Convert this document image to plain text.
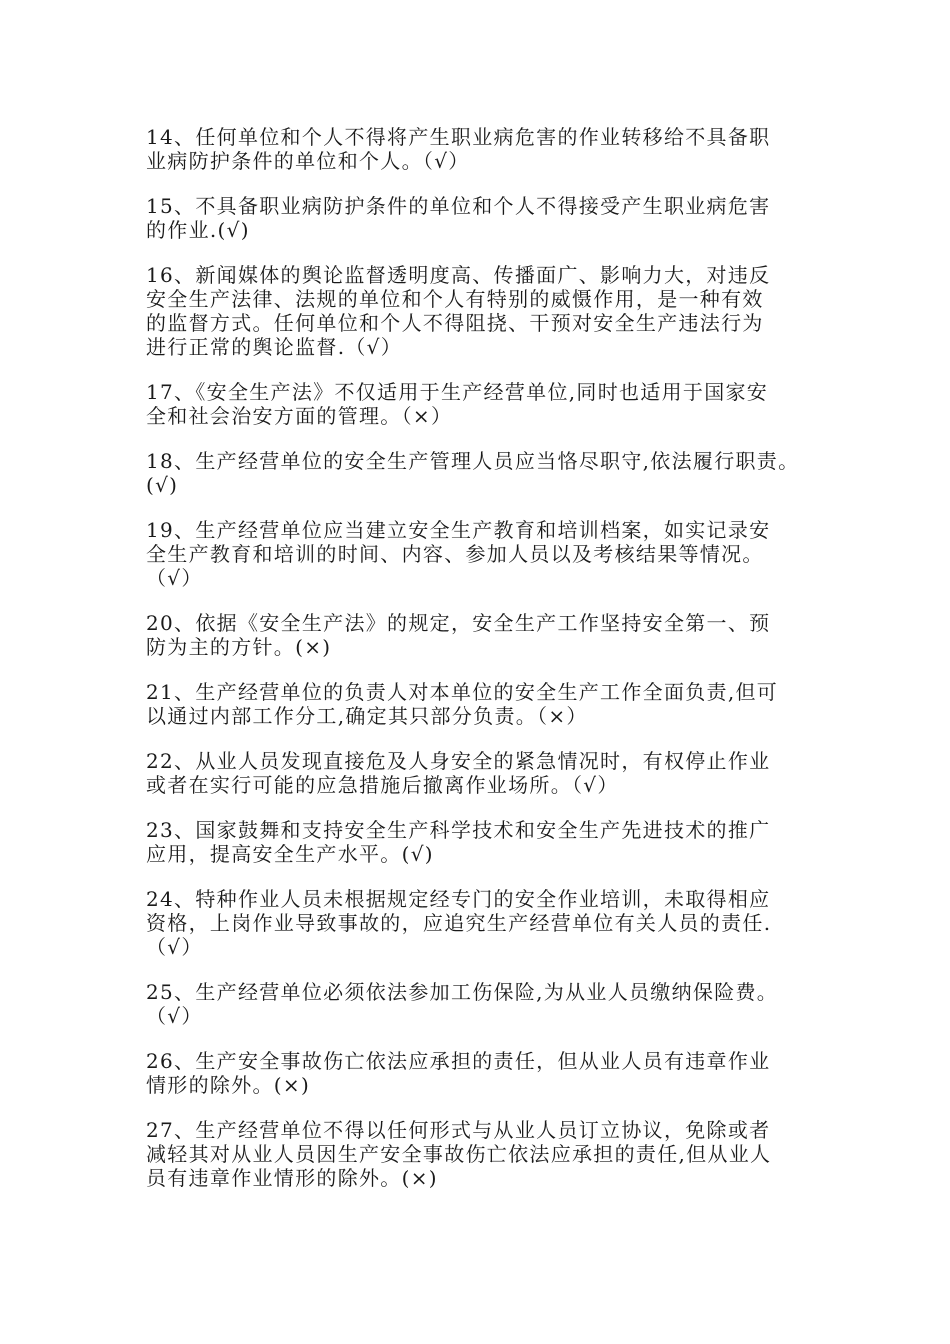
14、任何单位和个人不得将产生职业病危害的作业转移给不具备职
业病防护条件的单位和个人。（√）
15、不具备职业病防护条件的单位和个人不得接受产生职业病危害
的作业.(√)
16、新闻媒体的舆论监督透明度高、传播面广、影响力大，对违反
安全生产法律、法规的单位和个人有特别的威慑作用，是一种有效
的监督方式。任何单位和个人不得阻挠、干预对安全生产违法行为
进行正常的舆论监督.（√）
17、《安全生产法》不仅适用于生产经营单位,同时也适用于国家安
全和社会治安方面的管理。（×）
18、生产经营单位的安全生产管理人员应当恪尽职守,依法履行职责。
(√)
19、生产经营单位应当建立安全生产教育和培训档案，如实记录安
全生产教育和培训的时间、内容、参加人员以及考核结果等情况。
（√）
20、依据《安全生产法》的规定，安全生产工作坚持安全第一、预
防为主的方针。(×)
21、生产经营单位的负责人对本单位的安全生产工作全面负责,但可
以通过内部工作分工,确定其只部分负责。（×）
22、从业人员发现直接危及人身安全的紧急情况时，有权停止作业
或者在实行可能的应急措施后撤离作业场所。（√）
23、国家鼓舞和支持安全生产科学技术和安全生产先进技术的推广
应用，提高安全生产水平。(√)
24、特种作业人员未根据规定经专门的安全作业培训，未取得相应
资格，上岗作业导致事故的，应追究生产经营单位有关人员的责任.
（√）
25、生产经营单位必须依法参加工伤保险,为从业人员缴纳保险费。
（√）
26、生产安全事故伤亡依法应承担的责任，但从业人员有违章作业
情形的除外。(×)
27、生产经营单位不得以任何形式与从业人员订立协议，免除或者
减轻其对从业人员因生产安全事故伤亡依法应承担的责任,但从业人
员有违章作业情形的除外。(×)
